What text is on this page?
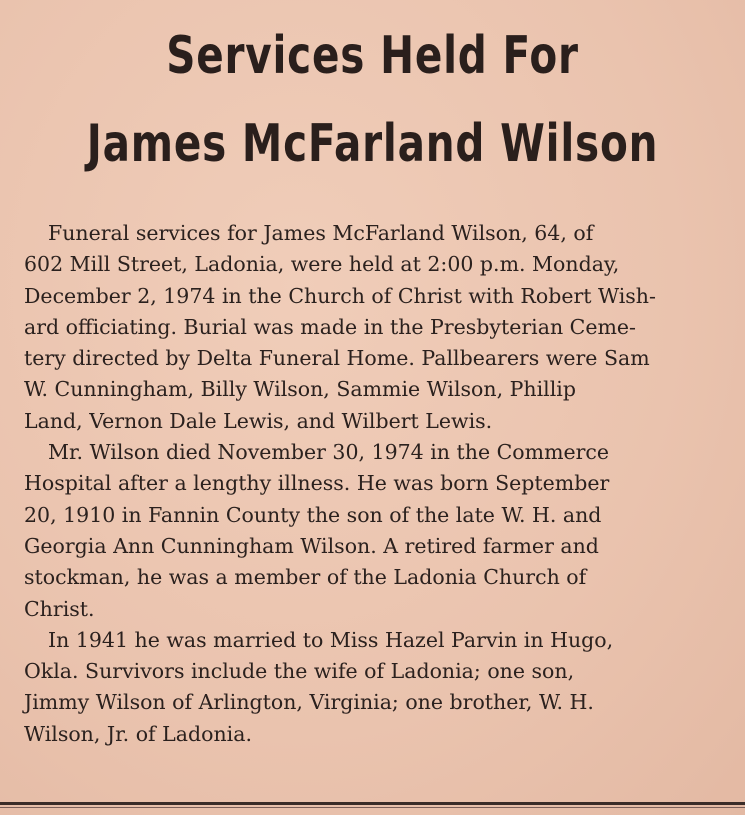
Services Held For
James McFarland Wilson
Funeral services for James McFarland Wilson, 64, of
602 Mill Street, Ladonia, were held at 2:00 p.m. Monday,
December 2, 1974 in the Church of Christ with Robert Wish-
ard officiating. Burial was made in the Presbyterian Ceme-
tery directed by Delta Funeral Home. Pallbearers were Sam
W. Cunningham, Billy Wilson, Sammie Wilson, Phillip
Land, Vernon Dale Lewis, and Wilbert Lewis.
Mr. Wilson died November 30, 1974 in the Commerce
Hospital after a lengthy illness. He was born September
20, 1910 in Fannin County the son of the late W. H. and
Georgia Ann Cunningham Wilson. A retired farmer and
stockman, he was a member of the Ladonia Church of
Christ.
In 1941 he was married to Miss Hazel Parvin in Hugo,
Okla. Survivors include the wife of Ladonia; one son,
Jimmy Wilson of Arlington, Virginia; one brother, W. H.
Wilson, Jr. of Ladonia.
